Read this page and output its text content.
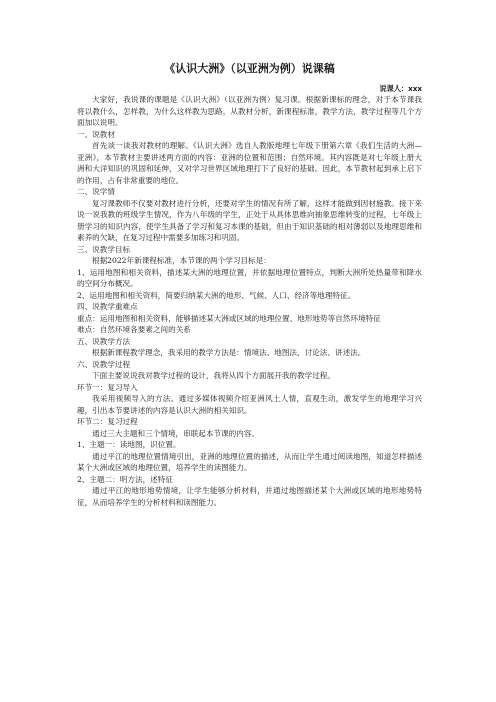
《认识大洲》（以亚洲为例）说课稿

说课人：xxx

大家好，我说课的课题是《认识大洲》（以亚洲为例）复习课。根据新课标的理念，对于本节课我将以教什么，怎样教，为什么这样教为思路，从教材分析，新课程标准，教学方法，教学过程等几个方面加以说明。

一、说教材

首先谈一谈我对教材的理解。《认识大洲》选自人教版地理七年级下册第六章《我们生活的大洲—亚洲》，本节教材主要讲述两方面的内容：亚洲的位置和范围；自然环境。其内容既是对七年级上册大洲和大洋知识的巩固和延伸，又对学习世界区域地理打下了良好的基础。因此，本节教材起到承上启下的作用，占有非常重要的地位。

二、说学情

复习课教师不仅要对教材进行分析，还要对学生的情况有所了解，这样才能做到因材施教。接下来说一说我教的班级学生情况，作为八年级的学生，正处于从具体思维向抽象思维转变的过程，七年级上册学习的知识内容，使学生具备了学习和复习本课的基础，但由于知识基础的相对薄弱以及地理思维和素养的欠缺，在复习过程中需要多加练习和巩固。

三、说教学目标

根据2022年新课程标准，本节课的两个学习目标是：

1、运用地图和相关资料，描述某大洲的地理位置，并依据地理位置特点，判断大洲所处热量带和降水的空间分布概况。

2、运用地图和相关资料，简要归纳某大洲的地形、气候、人口、经济等地理特征。

四、说教学重难点

重点：运用地图和相关资料，能够描述某大洲或区域的地理位置、地形地势等自然环境特征

难点：自然环境各要素之间的关系

五、说教学方法

根据新课程教学理念，我采用的教学方法是：情境法、地图法、讨论法、讲述法。

六、说教学过程

下面主要说说我对教学过程的设计，我将从四个方面展开我的教学过程。

环节一：复习导入

我采用视频导入的方法。通过多媒体视频介绍亚洲风土人情，直观生动，激发学生的地理学习兴趣，引出本节要讲述的内容是认识大洲的相关知识。

环节二：复习过程

通过三大主题和三个情境，串联起本节课的内容。

1、主题一：读地图，识位置。

通过平江的地理位置情境引出，亚洲的地理位置的描述，从而让学生通过阅读地图，知道怎样描述某个大洲或区域的地理位置，培养学生的读图能力。

2、主题二：明方法，述特征

通过平江的地形地势情境，让学生能够分析材料，并通过地图描述某个大洲或区域的地形地势特征，从而培养学生的分析材料和读图能力。
